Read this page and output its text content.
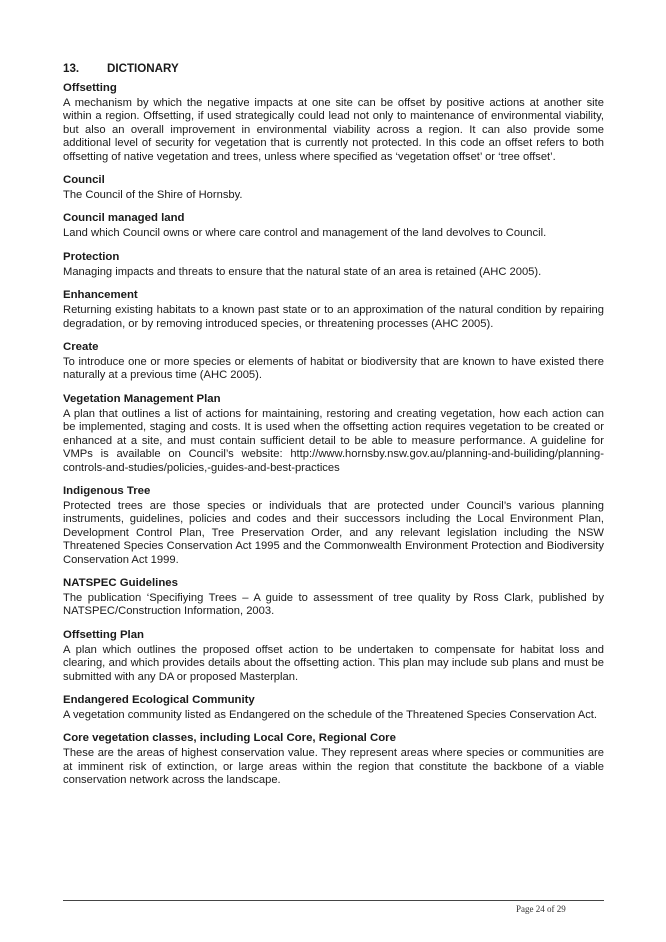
13.	DICTIONARY

Offsetting

A mechanism by which the negative impacts at one site can be offset by positive actions at another site within a region. Offsetting, if used strategically could lead not only to maintenance of environmental viability, but also an overall improvement in environmental viability across a region. It can also provide some additional level of security for vegetation that is currently not protected. In this code an offset refers to both offsetting of native vegetation and trees, unless where specified as ‘vegetation offset’ or ‘tree offset’.

Council

The Council of the Shire of Hornsby.

Council managed land

Land which Council owns or where care control and management of the land devolves to Council.

Protection

Managing impacts and threats to ensure that the natural state of an area is retained (AHC 2005).

Enhancement

Returning existing habitats to a known past state or to an approximation of the natural condition by repairing degradation, or by removing introduced species, or threatening processes (AHC 2005).

Create

To introduce one or more species or elements of habitat or biodiversity that are known to have existed there naturally at a previous time (AHC 2005).

Vegetation Management Plan

A plan that outlines a list of actions for maintaining, restoring and creating vegetation, how each action can be implemented, staging and costs. It is used when the offsetting action requires vegetation to be created or enhanced at a site, and must contain sufficient detail to be able to measure performance. A guideline for VMPs is available on Council’s website: http://www.hornsby.nsw.gov.au/planning-and-builiding/planning-controls-and-studies/policies,-guides-and-best-practices

Indigenous Tree

Protected trees are those species or individuals that are protected under Council’s various planning instruments, guidelines, policies and codes and their successors including the Local Environment Plan, Development Control Plan, Tree Preservation Order, and any relevant legislation including the NSW Threatened Species Conservation Act 1995 and the Commonwealth Environment Protection and Biodiversity Conservation Act 1999.

NATSPEC Guidelines

The publication ‘Specifiying Trees – A guide to assessment of tree quality by Ross Clark, published by NATSPEC/Construction Information, 2003.

Offsetting Plan

A plan which outlines the proposed offset action to be undertaken to compensate for habitat loss and clearing, and which provides details about the offsetting action. This plan may include sub plans and must be submitted with any DA or proposed Masterplan.

Endangered Ecological Community

A vegetation community listed as Endangered on the schedule of the Threatened Species Conservation Act.

Core vegetation classes, including Local Core, Regional Core

These are the areas of highest conservation value. They represent areas where species or communities are at imminent risk of extinction, or large areas within the region that constitute the backbone of a viable conservation network across the landscape.

Page 24 of 29
